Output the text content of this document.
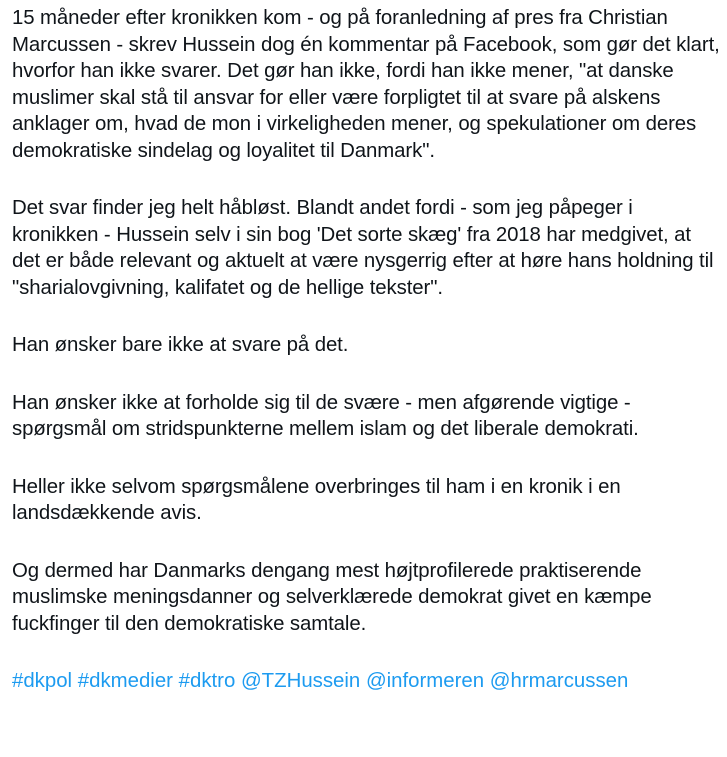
15 måneder efter kronikken kom - og på foranledning af pres fra Christian Marcussen - skrev Hussein dog én kommentar på Facebook, som gør det klart, hvorfor han ikke svarer. Det gør han ikke, fordi han ikke mener, "at danske muslimer skal stå til ansvar for eller være forpligtet til at svare på alskens anklager om, hvad de mon i virkeligheden mener, og spekulationer om deres demokratiske sindelag og loyalitet til Danmark".

Det svar finder jeg helt håbløst. Blandt andet fordi - som jeg påpeger i kronikken - Hussein selv i sin bog 'Det sorte skæg' fra 2018 har medgivet, at det er både relevant og aktuelt at være nysgerrig efter at høre hans holdning til "sharialovgivning, kalifatet og de hellige tekster".

Han ønsker bare ikke at svare på det.

Han ønsker ikke at forholde sig til de svære - men afgørende vigtige - spørgsmål om stridspunkterne mellem islam og det liberale demokrati.

Heller ikke selvom spørgsmålene overbringes til ham i en kronik i en landsdækkende avis.

Og dermed har Danmarks dengang mest højtprofilerede praktiserende muslimske meningsdanner og selverklærede demokrat givet en kæmpe fuckfinger til den demokratiske samtale.

#dkpol #dkmedier #dktro @TZHussein @informeren @hrmarcussen
